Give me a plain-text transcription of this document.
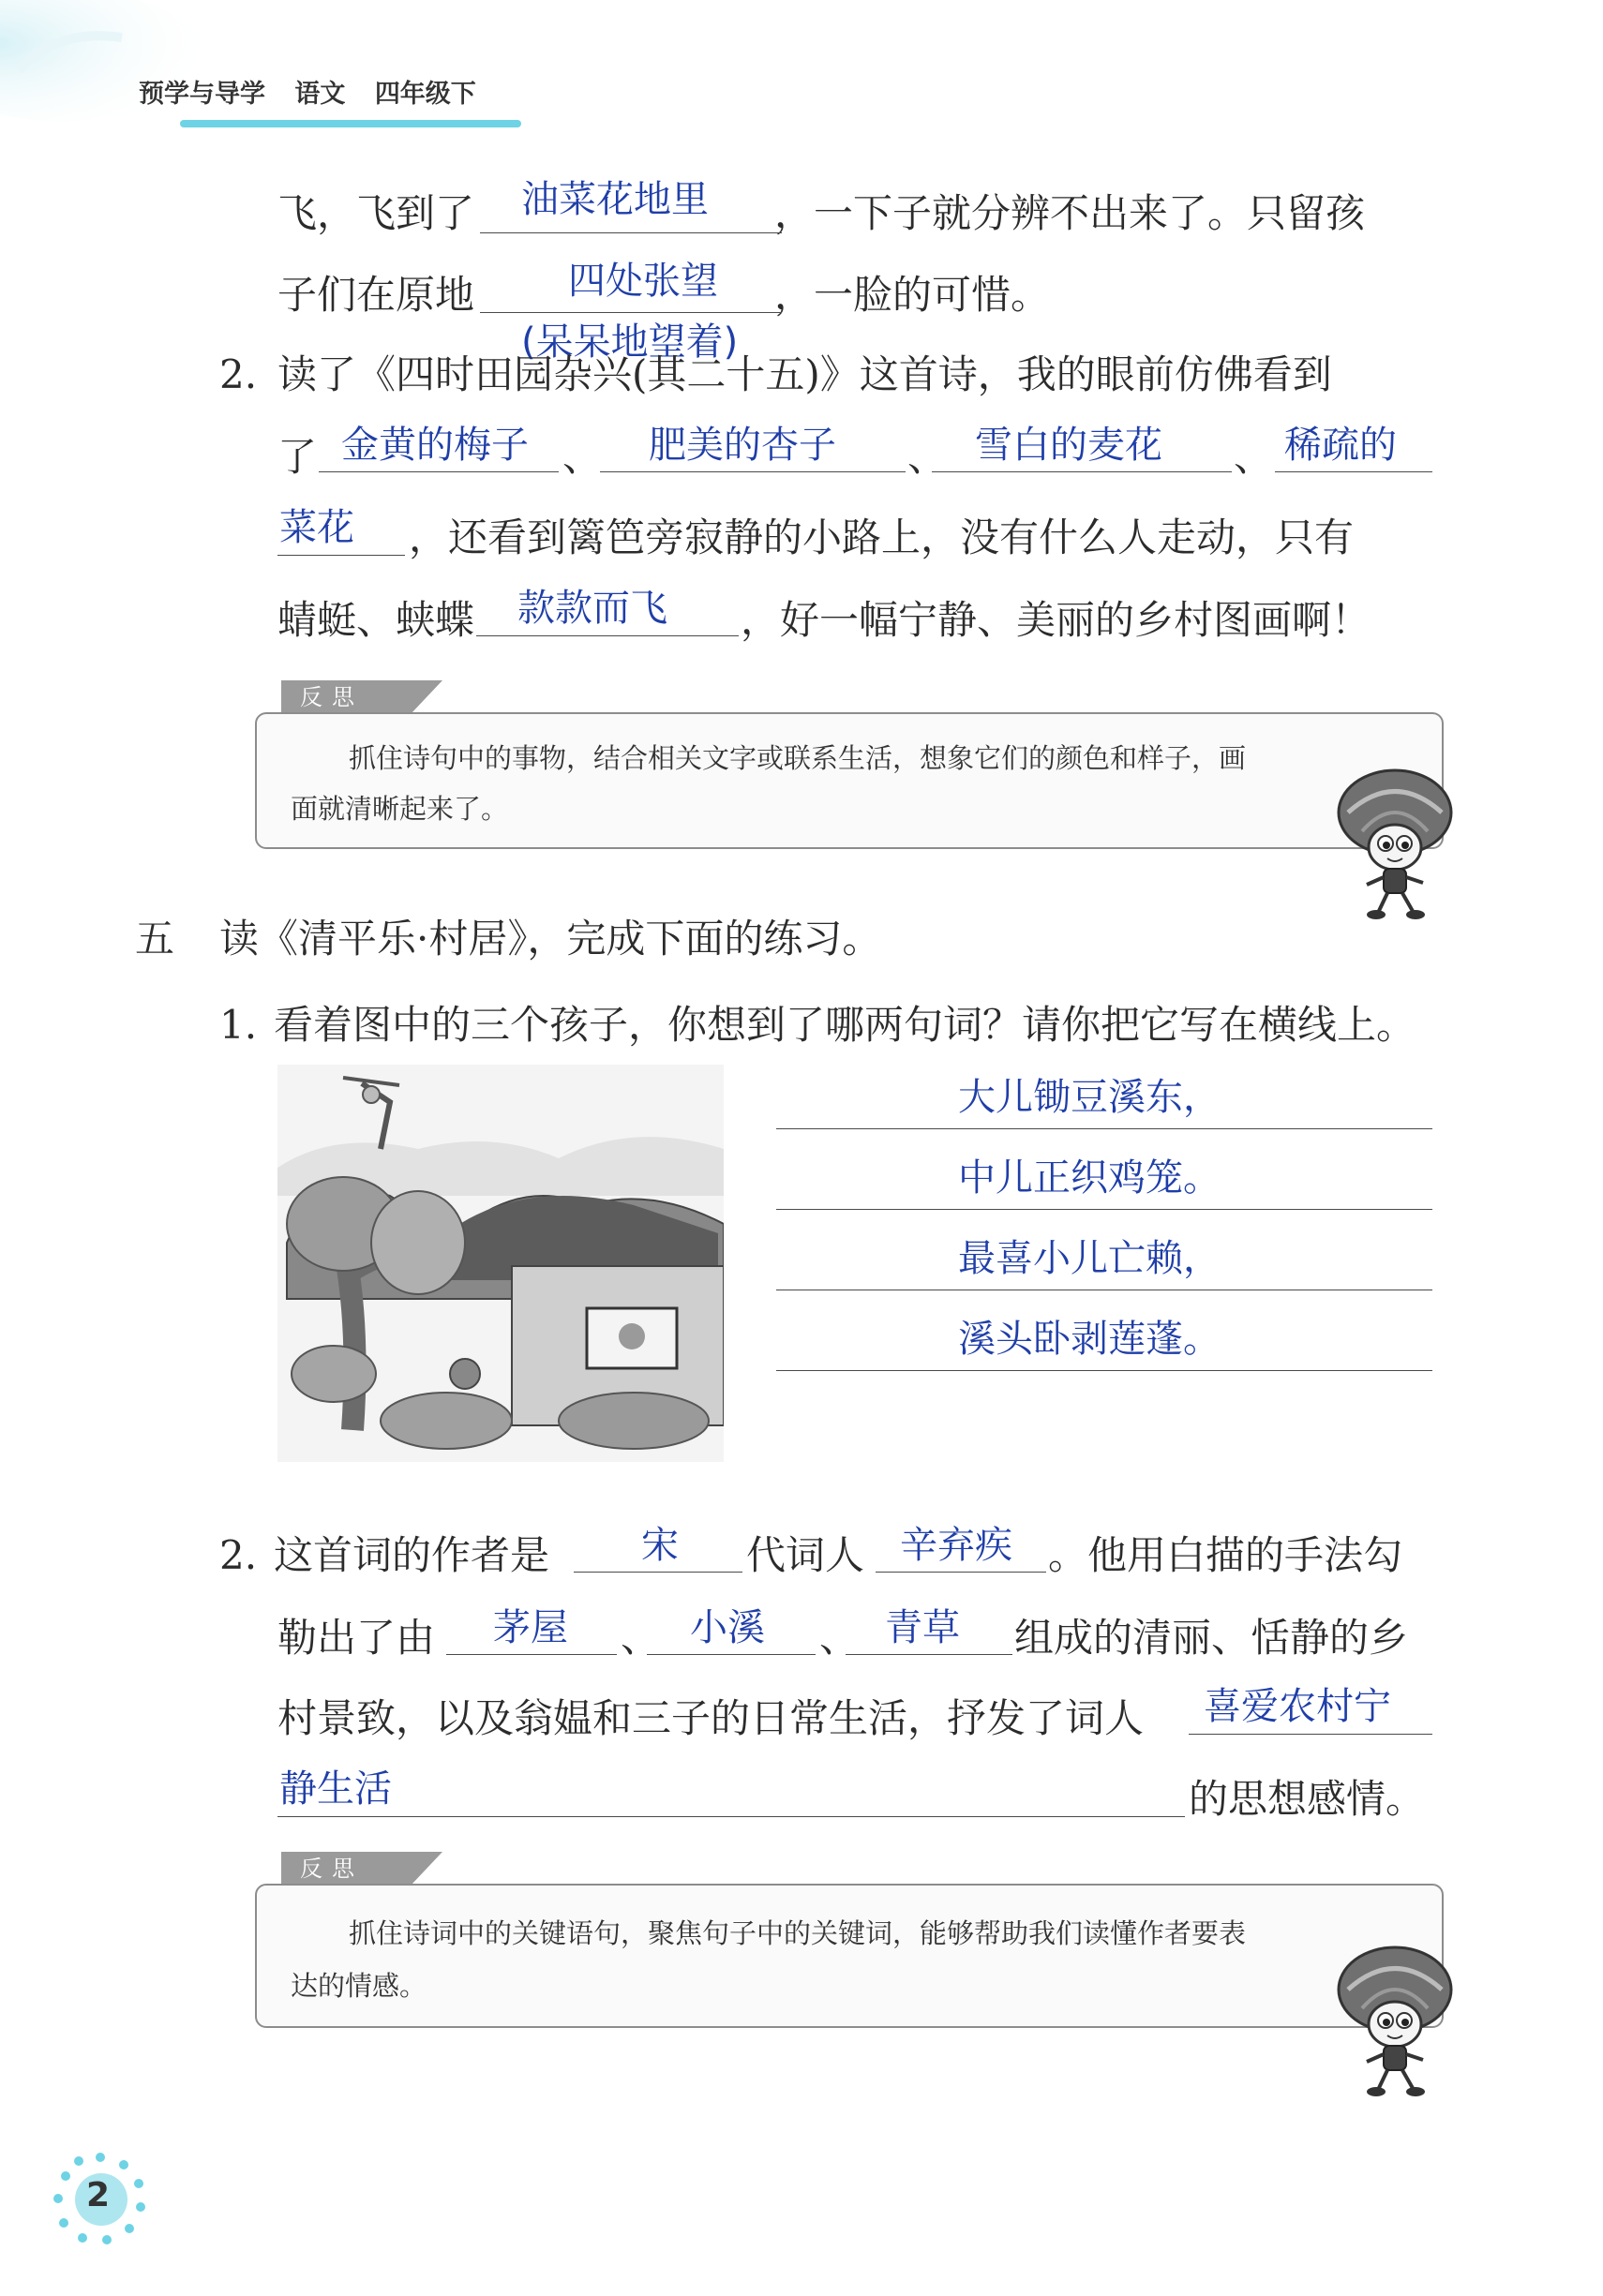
预学与导学 语文 四年级下
飞，飞到了	，一下子就分辨不出来了。只留孩
油菜花地里
子们在原地	，一脸的可惜。
四处张望
(呆呆地望着)
2. 读了《四时田园杂兴(其二十五)》这首诗，我的眼前仿佛看到
了 金黄的梅子 、 肥美的杏子 、 雪白的麦花 、 稀疏的
菜花 ，还看到篱笆旁寂静的小路上，没有什么人走动，只有
蜻蜓、蛱蝶 款款而飞 ，好一幅宁静、美丽的乡村图画啊！
反思
抓住诗句中的事物，结合相关文字或联系生活，想象它们的颜色和样子，画
面就清晰起来了。
五 读《清平乐·村居》，完成下面的练习。
1. 看着图中的三个孩子，你想到了哪两句词？请你把它写在横线上。
大儿锄豆溪东，
中儿正织鸡笼。
最喜小儿亡赖，
溪头卧剥莲蓬。
2. 这首词的作者是 宋 代词人 辛弃疾 。他用白描的手法勾
勒出了由 茅屋 、 小溪 、 青草 组成的清丽、恬静的乡
村景致，以及翁媪和三子的日常生活，抒发了词人 喜爱农村宁
静生活	的思想感情。
反思
抓住诗词中的关键语句，聚焦句子中的关键词，能够帮助我们读懂作者要表
达的情感。
2
